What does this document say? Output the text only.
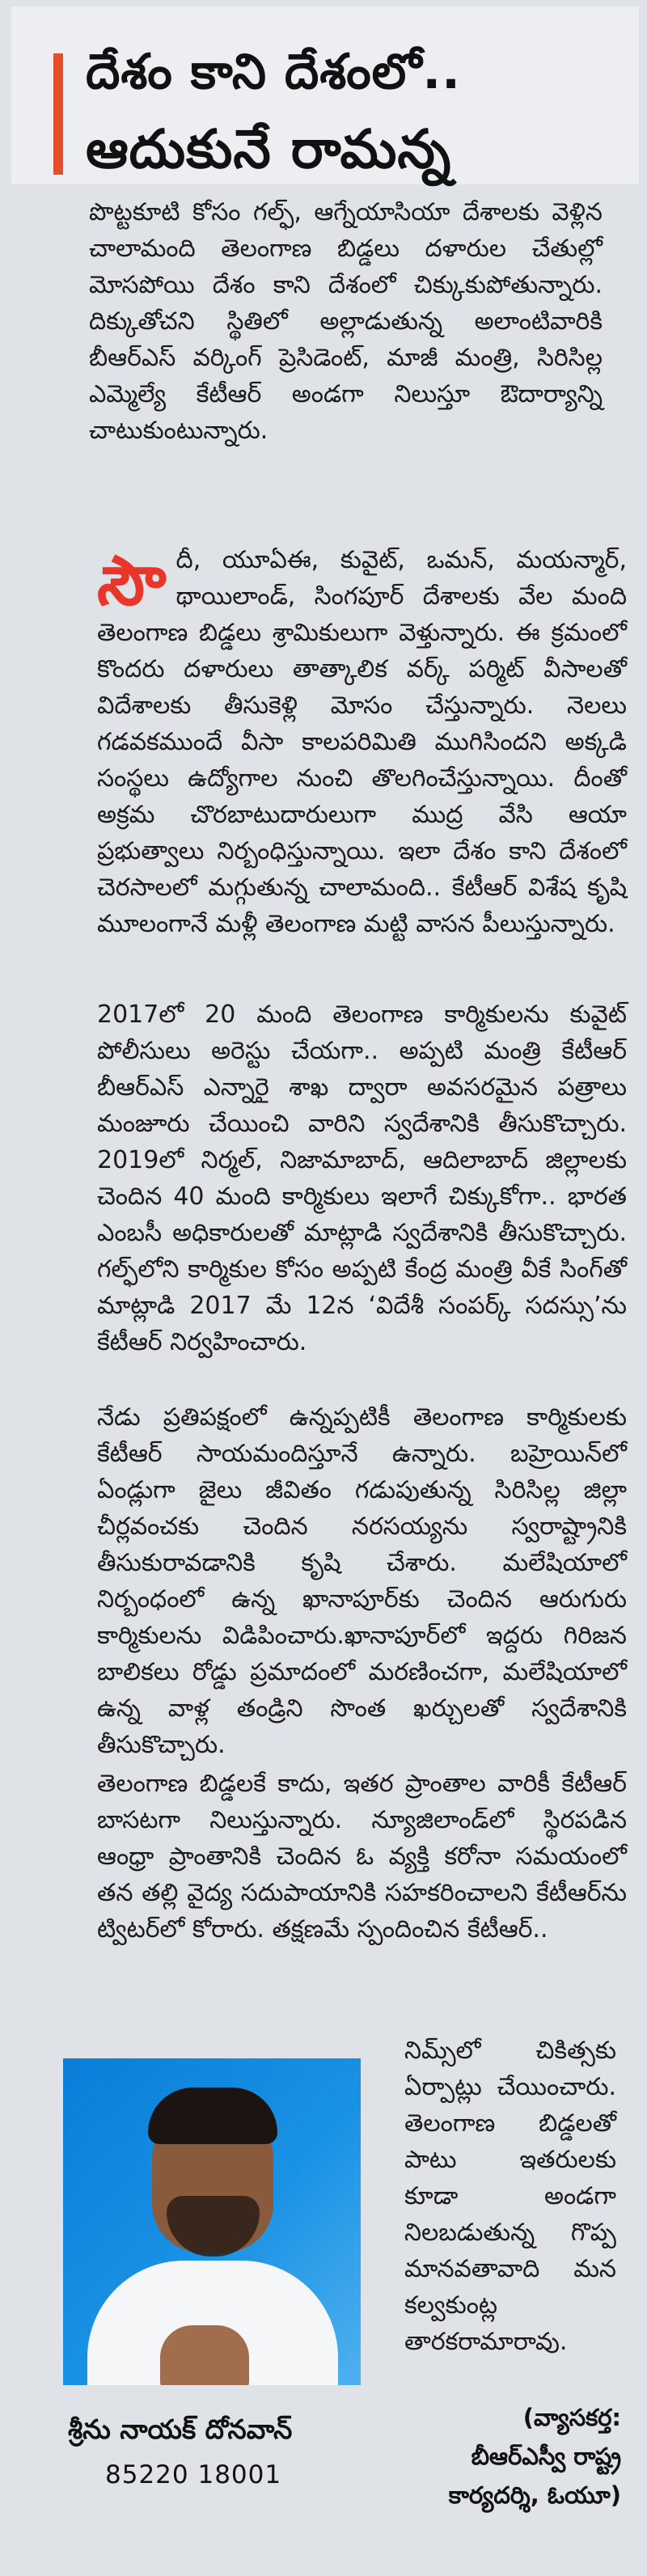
దేశం కాని దేశంలో..
ఆదుకునే రామన్న
పొట్టకూటి కోసం గల్ఫ్, ఆగ్నేయాసియా దేశాలకు వెళ్లిన చాలామంది తెలంగాణ బిడ్డలు దళారుల చేతుల్లో మోసపోయి దేశం కాని దేశంలో చిక్కుకుపోతున్నారు. దిక్కుతోచని స్థితిలో అల్లాడుతున్న అలాంటివారికి బీఆర్ఎస్ వర్కింగ్ ప్రెసిడెంట్, మాజీ మంత్రి, సిరిసిల్ల ఎమ్మెల్యే కేటీఆర్ అండగా నిలుస్తూ ఔదార్యాన్ని చాటుకుంటున్నారు.
సౌ దీ, యూఏఈ, కువైట్, ఒమన్, మయన్మార్, థాయిలాండ్, సింగపూర్ దేశాలకు వేల మంది తెలంగాణ బిడ్డలు శ్రామికులుగా వెళ్తున్నారు. ఈ క్రమంలో కొందరు దళారులు తాత్కాలిక వర్క్ పర్మిట్ వీసాలతో విదేశాలకు తీసుకెళ్లి మోసం చేస్తున్నారు. నెలలు గడవకముందే వీసా కాలపరిమితి ముగిసిందని అక్కడి సంస్థలు ఉద్యోగాల నుంచి తొలగించేస్తున్నాయి. దీంతో అక్రమ చొరబాటుదారులుగా ముద్ర వేసి ఆయా ప్రభుత్వాలు నిర్బంధిస్తున్నాయి. ఇలా దేశం కాని దేశంలో చెరసాలలో మగ్గుతున్న చాలామంది.. కేటీఆర్ విశేష కృషి మూలంగానే మళ్లీ తెలంగాణ మట్టి వాసన పీలుస్తున్నారు.
2017లో 20 మంది తెలంగాణ కార్మికులను కువైట్ పోలీసులు అరెస్టు చేయగా.. అప్పటి మంత్రి కేటీఆర్ బీఆర్ఎస్ ఎన్నారై శాఖ ద్వారా అవసరమైన పత్రాలు మంజూరు చేయించి వారిని స్వదేశానికి తీసుకొచ్చారు. 2019లో నిర్మల్, నిజామాబాద్, ఆదిలాబాద్ జిల్లాలకు చెందిన 40 మంది కార్మికులు ఇలాగే చిక్కుకోగా.. భారత ఎంబసీ అధికారులతో మాట్లాడి స్వదేశానికి తీసుకొచ్చారు. గల్ఫ్‌లోని కార్మికుల కోసం అప్పటి కేంద్ర మంత్రి వీకే సింగ్‌తో మాట్లాడి 2017 మే 12న ‘విదేశీ సంపర్క్ సదస్సు’ను కేటీఆర్ నిర్వహించారు.
నేడు ప్రతిపక్షంలో ఉన్నప్పటికీ తెలంగాణ కార్మికులకు కేటీఆర్ సాయమందిస్తూనే ఉన్నారు. బహ్రెయిన్‌లో ఏండ్లుగా జైలు జీవితం గడుపుతున్న సిరిసిల్ల జిల్లా చీర్లవంచకు చెందిన నరసయ్యను స్వరాష్ట్రానికి తీసుకురావడానికి కృషి చేశారు. మలేషియాలో నిర్బంధంలో ఉన్న ఖానాపూర్‌కు చెందిన ఆరుగురు కార్మికులను విడిపించారు.ఖానాపూర్‌లో ఇద్దరు గిరిజన బాలికలు రోడ్డు ప్రమాదంలో మరణించగా, మలేషియాలో ఉన్న వాళ్ల తండ్రిని సొంత ఖర్చులతో స్వదేశానికి తీసుకొచ్చారు.
తెలంగాణ బిడ్డలకే కాదు, ఇతర ప్రాంతాల వారికీ కేటీఆర్ బాసటగా నిలుస్తున్నారు. న్యూజిలాండ్‌లో స్థిరపడిన ఆంధ్రా ప్రాంతానికి చెందిన ఓ వ్యక్తి కరోనా సమయంలో తన తల్లి వైద్య సదుపాయానికి సహకరించాలని కేటీఆర్‌ను ట్విటర్‌లో కోరారు. తక్షణమే స్పందించిన కేటీఆర్..
నిమ్స్‌లో చికిత్సకు ఏర్పాట్లు చేయించారు. తెలంగాణ బిడ్డలతో పాటు ఇతరులకు కూడా అండగా నిలబడుతున్న గొప్ప మానవతావాది మన కల్వకుంట్ల తారకరామారావు.
శ్రీను నాయక్ దోనవాన్
85220 18001
(వ్యాసకర్త:
బీఆర్ఎస్వీ రాష్ట్ర
కార్యదర్శి, ఓయూ)
